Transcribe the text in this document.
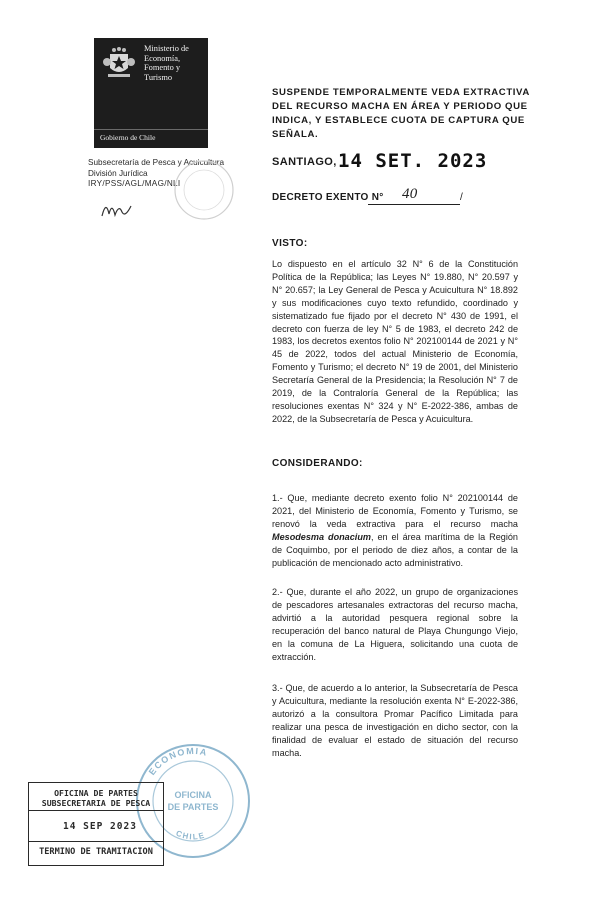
Ministerio de
Economía,
Fomento y
Turismo
Gobierno de Chile
Subsecretaría de Pesca y Acuicultura
División Jurídica
IRY/PSS/AGL/MAG/NLI
SUSPENDE TEMPORALMENTE VEDA EXTRACTIVA DEL RECURSO MACHA EN ÁREA Y PERIODO QUE INDICA, Y ESTABLECE CUOTA DE CAPTURA QUE SEÑALA.
SANTIAGO, 14 SET. 2023
DECRETO EXENTO N° 40	/
VISTO:
Lo dispuesto en el artículo 32 N° 6 de la Constitución Política de la República; las Leyes N° 19.880, N° 20.597 y N° 20.657; la Ley General de Pesca y Acuicultura N° 18.892 y sus modificaciones cuyo texto refundido, coordinado y sistematizado fue fijado por el decreto N° 430 de 1991, el decreto con fuerza de ley N° 5 de 1983, el decreto 242 de 1983, los decretos exentos folio N° 202100144 de 2021 y N° 45 de 2022, todos del actual Ministerio de Economía, Fomento y Turismo; el decreto N° 19 de 2001, del Ministerio Secretaría General de la Presidencia; la Resolución N° 7 de 2019, de la Contraloría General de la República; las resoluciones exentas N° 324 y N° E-2022-386, ambas de 2022, de la Subsecretaría de Pesca y Acuicultura.
CONSIDERANDO:
1.- Que, mediante decreto exento folio N° 202100144 de 2021, del Ministerio de Economía, Fomento y Turismo, se renovó la veda extractiva para el recurso macha Mesodesma donacium, en el área marítima de la Región de Coquimbo, por el periodo de diez años, a contar de la publicación de mencionado acto administrativo.
2.- Que, durante el año 2022, un grupo de organizaciones de pescadores artesanales extractoras del recurso macha, advirtió a la autoridad pesquera regional sobre la recuperación del banco natural de Playa Chungungo Viejo, en la comuna de La Higuera, solicitando una cuota de extracción.
3.- Que, de acuerdo a lo anterior, la Subsecretaría de Pesca y Acuicultura, mediante la resolución exenta N° E-2022-386, autorizó a la consultora Promar Pacífico Limitada para realizar una pesca de investigación en dicho sector, con la finalidad de evaluar el estado de situación del recurso macha.
ECONOMIA
OFICINA
DE PARTES
CHILE
OFICINA DE PARTES
SUBSECRETARIA DE PESCA
14 SEP 2023
TERMINO DE TRAMITACION
